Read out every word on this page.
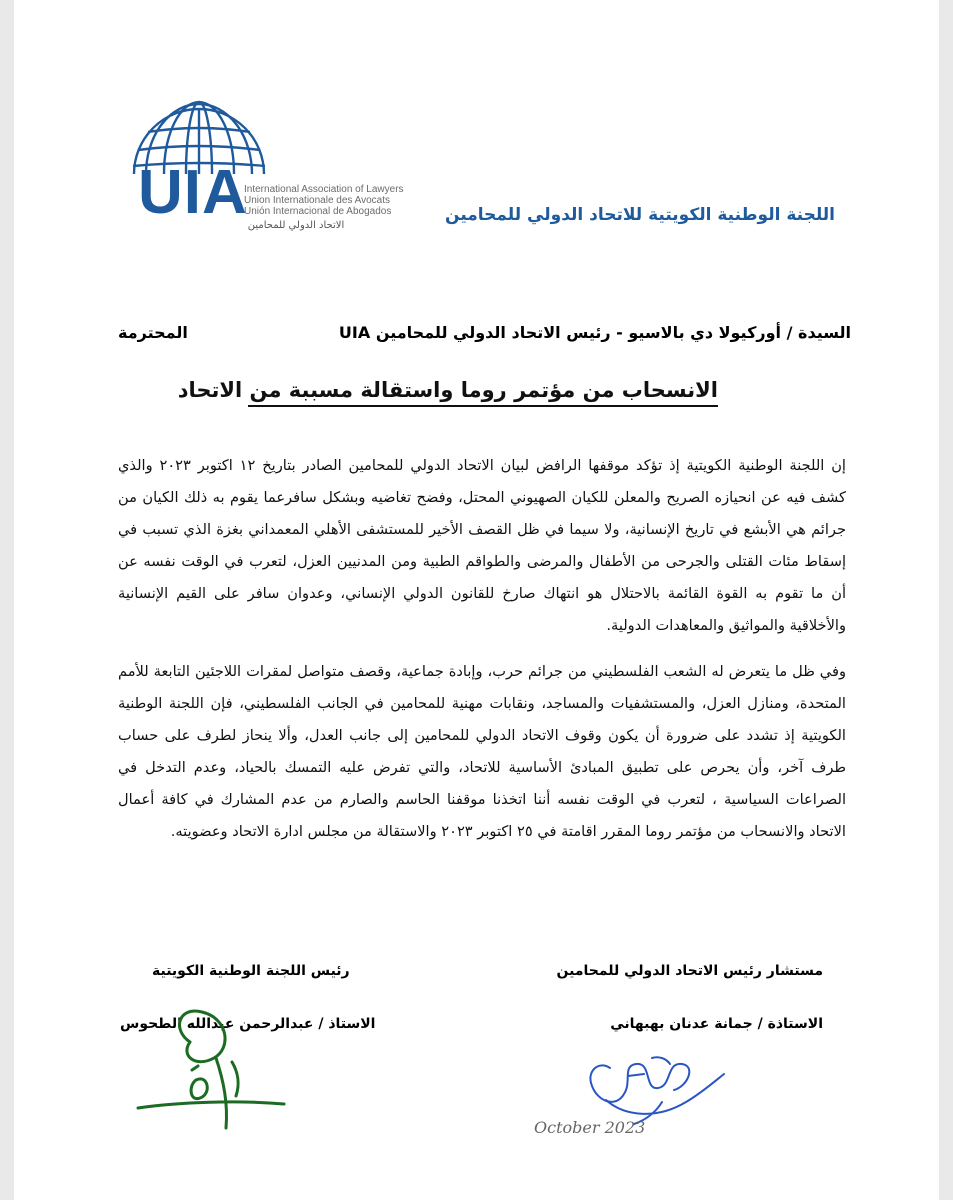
UIA
International Association of Lawyers
Union Internationale des Avocats
Unión Internacional de Abogados
الاتحاد الدولي للمحامين
اللجنة الوطنية الكويتية للاتحاد الدولي للمحامين
السيدة / أوركيولا دي بالاسيو - رئيس الاتحاد الدولي للمحامين UIA
المحترمة
الانسحاب من مؤتمر روما واستقالة مسببة من الاتحاد

إن اللجنة الوطنية الكويتية إذ تؤكد موقفها الرافض لبيان الاتحاد الدولي للمحامين الصادر بتاريخ ١٢ اكتوبر ٢٠٢٣ والذي كشف فيه عن انحيازه الصريح والمعلن للكيان الصهيوني المحتل، وفضح تغاضيه وبشكل سافرعما يقوم به ذلك الكيان من جرائم هي الأبشع في تاريخ الإنسانية، ولا سيما في ظل القصف الأخير للمستشفى الأهلي المعمداني بغزة الذي تسبب في إسقاط مئات القتلى والجرحى من الأطفال والمرضى والطواقم الطبية ومن المدنيين العزل، لتعرب في الوقت نفسه عن أن ما تقوم به القوة القائمة بالاحتلال هو انتهاك صارخ للقانون الدولي الإنساني، وعدوان سافر على القيم الإنسانية والأخلاقية والمواثيق والمعاهدات الدولية.

وفي ظل ما يتعرض له الشعب الفلسطيني من جرائم حرب، وإبادة جماعية، وقصف متواصل لمقرات اللاجئين التابعة للأمم المتحدة، ومنازل العزل، والمستشفيات والمساجد، ونقابات مهنية للمحامين في الجانب الفلسطيني، فإن اللجنة الوطنية الكويتية إذ تشدد على ضرورة أن يكون وقوف الاتحاد الدولي للمحامين إلى جانب العدل، وألا ينحاز لطرف على حساب طرف آخر، وأن يحرص على تطبيق المبادئ الأساسية للاتحاد، والتي تفرض عليه التمسك بالحياد، وعدم التدخل في الصراعات السياسية ، لتعرب في الوقت نفسه أننا اتخذنا موقفنا الحاسم والصارم من عدم المشارك في كافة أعمال الاتحاد والانسحاب من مؤتمر روما المقرر اقامتة في ٢٥ اكتوبر ٢٠٢٣ والاستقالة من مجلس ادارة الاتحاد وعضويته.

رئيس اللجنة الوطنية الكويتية
الاستاذ / عبدالرحمن عبدالله الطحوس
مستشار رئيس الاتحاد الدولي للمحامين
الاستاذة / جمانة عدنان بهبهاني
October 2023
